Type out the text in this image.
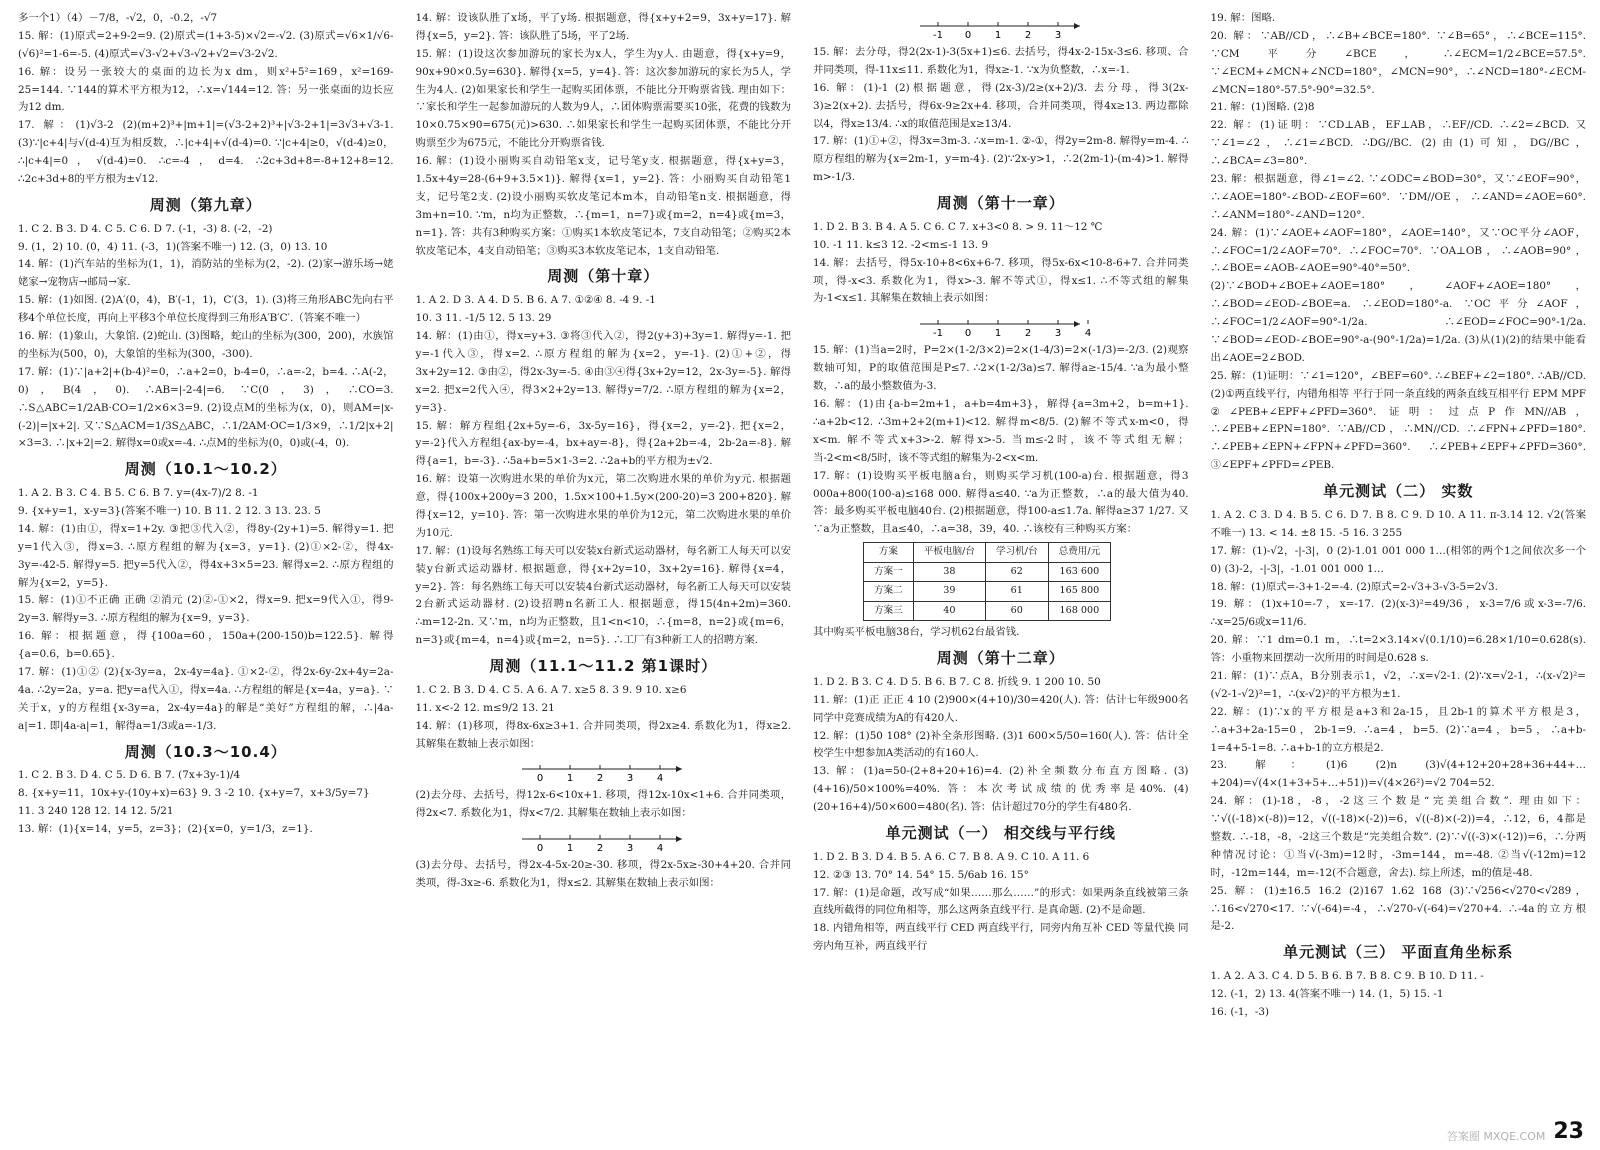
多一个1）（4）－7/8，-√2，0，-0.2，-√7

15. 解：(1)原式=2+9-2=9. (2)原式=(1+3-5)×√2=-√2. (3)原式=√6×1/√6-(√6)²=1-6=-5. (4)原式=√3-√2+√3-√2+√2=√3-2√2.

16. 解：设另一张较大的桌面的边长为x dm，则x²+5²=169，x²=169-25=144. ∵144的算术平方根为12，∴x=√144=12. 答：另一张桌面的边长应为12 dm.

17. 解：(1)√3-2 (2)(m+2)³+|m+1|=(√3-2+2)³+|√3-2+1|=3√3+√3-1. (3)∵|c+4|与√(d-4)互为相反数，∴|c+4|+√(d-4)=0. ∵|c+4|≥0，√(d-4)≥0，∴|c+4|=0，√(d-4)=0. ∴c=-4，d=4. ∴2c+3d+8=-8+12+8=12. ∴2c+3d+8的平方根为±√12.

周测（第九章）

1. C 2. B 3. D 4. C 5. C 6. D 7. (-1，-3) 8. (-2，-2)

9. (1，2) 10. (0，4) 11. (-3，1)(答案不唯一) 12. (3，0) 13. 10

14. 解：(1)汽车站的坐标为(1，1)，消防站的坐标为(2，-2). (2)家→游乐场→姥姥家→宠物店→邮局→家.

15. 解：(1)如图. (2)A′(0，4)，B′(-1，1)，C′(3，1). (3)将三角形ABC先向右平移4个单位长度，再向上平移3个单位长度得到三角形A′B′C′.（答案不唯一）

16. 解：(1)象山，大象馆. (2)蛇山. (3)图略，蛇山的坐标为(300，200)，水族馆的坐标为(500，0)，大象馆的坐标为(300，-300).

17. 解：(1)∵|a+2|+(b-4)²=0，∴a+2=0，b-4=0，∴a=-2，b=4. ∴A(-2，0)，B(4，0). ∴AB=|-2-4|=6. ∵C(0，3)，∴CO=3. ∴S△ABC=1/2AB·CO=1/2×6×3=9. (2)设点M的坐标为(x，0)，则AM=|x-(-2)|=|x+2|. 又∵S△ACM=1/3S△ABC，∴1/2AM·OC=1/3×9，∴1/2|x+2|×3=3. ∴|x+2|=2. 解得x=0或x=-4. ∴点M的坐标为(0，0)或(-4，0).

周测（10.1～10.2）

1. A 2. B 3. C 4. B 5. C 6. B 7. y=(4x-7)/2 8. -1

9. {x+y=1，x-y=3}(答案不唯一) 10. B 11. 2 12. 3 13. 23. 5

14. 解：(1)由①，得x=1+2y. ③把③代入②，得8y-(2y+1)=5. 解得y=1. 把y=1代入③，得x=3. ∴原方程组的解为{x=3，y=1}. (2)①×2-②，得4x-3y=-42-5. 解得y=5. 把y=5代入②，得4x+3×5=23. 解得x=2. ∴原方程组的解为{x=2，y=5}.

15. 解：(1)①不正确 正确 ②消元 (2)②-①×2，得x=9. 把x=9代入①，得9-2y=3. 解得y=3. ∴原方程组的解为{x=9，y=3}.

16. 解：根据题意，得{100a=60，150a+(200-150)b=122.5}. 解得{a=0.6，b=0.65}.

17. 解：(1)①② (2){x-3y=a，2x-4y=4a}. ①×2-②，得2x-6y-2x+4y=2a-4a. ∴2y=2a，y=a. 把y=a代入①，得x=4a. ∴方程组的解是{x=4a，y=a}. ∵关于x，y的方程组{x-3y=a，2x-4y=4a}的解是“美好”方程组的解，∴|4a-a|=1. 即|4a-a|=1，解得a=1/3或a=-1/3.

周测（10.3～10.4）

1. C 2. B 3. D 4. C 5. D 6. B 7. (7x+3y-1)/4

8. {x+y=11，10x+y-(10y+x)=63} 9. 3 -2 10. {x+y=7，x+3/5y=7}

11. 3 240 128 12. 14 12. 5/21

13. 解：(1){x=14，y=5，z=3}；(2){x=0，y=1/3，z=1}.

14. 解：设该队胜了x场，平了y场. 根据题意，得{x+y+2=9，3x+y=17}. 解得{x=5，y=2}. 答：该队胜了5场，平了2场.

15. 解：(1)设这次参加游玩的家长为x人，学生为y人. 由题意，得{x+y=9，90x+90×0.5y=630}. 解得{x=5，y=4}. 答：这次参加游玩的家长为5人，学生为4人. (2)如果家长和学生一起购买团体票，不能比分开购票省钱. 理由如下：∵家长和学生一起参加游玩的人数为9人，∴团体购票需要买10张，花费的钱数为10×0.75×90=675(元)>630. ∴如果家长和学生一起购买团体票，不能比分开购票至少为675元，不能比分开购票省钱.

16. 解：(1)设小丽购买自动铅笔x支，记号笔y支. 根据题意，得{x+y=3，1.5x+4y=28-(6+9+3.5×1)}. 解得{x=1，y=2}. 答：小丽购买自动铅笔1支，记号笔2支. (2)设小丽购买软皮笔记本m本，自动铅笔n支. 根据题意，得3m+n=10. ∵m，n均为正整数，∴{m=1，n=7}或{m=2，n=4}或{m=3，n=1}. 答：共有3种购买方案：①购买1本软皮笔记本，7支自动铅笔；②购买2本软皮笔记本，4支自动铅笔；③购买3本软皮笔记本，1支自动铅笔.

周测（第十章）

1. A 2. D 3. A 4. D 5. B 6. A 7. ①②④ 8. -4 9. -1

10. 3 11. -1/5 12. 5 13. 29

14. 解：(1)由①，得x=y+3. ③将③代入②，得2(y+3)+3y=1. 解得y=-1. 把y=-1代入③，得x=2. ∴原方程组的解为{x=2，y=-1}. (2)①+②，得3x+2y=12. ③由②，得2x-3y=-5. ④由③④得{3x+2y=12，2x-3y=-5}. 解得x=2. 把x=2代入④，得3×2+2y=13. 解得y=7/2. ∴原方程组的解为{x=2，y=3}.

15. 解：解方程组{2x+5y=-6，3x-5y=16}，得{x=2，y=-2}. 把{x=2，y=-2}代入方程组{ax-by=-4，bx+ay=-8}，得{2a+2b=-4，2b-2a=-8}. 解得{a=1，b=-3}. ∴5a+b=5×1-3=2. ∴2a+b的平方根为±√2.

16. 解：设第一次购进水果的单价为x元，第二次购进水果的单价为y元. 根据题意，得{100x+200y=3 200，1.5x×100+1.5y×(200-20)=3 200+820}. 解得{x=12，y=10}. 答：第一次购进水果的单价为12元，第二次购进水果的单价为10元.

17. 解：(1)设每名熟练工每天可以安装x台新式运动器材，每名新工人每天可以安装y台新式运动器材. 根据题意，得{x+2y=10，3x+2y=16}. 解得{x=4，y=2}. 答：每名熟练工每天可以安装4台新式运动器材，每名新工人每天可以安装2台新式运动器材. (2)设招聘n名新工人. 根据题意，得15(4n+2m)=360. ∴m=12-2n. 又∵m，n均为正整数，且1<n<10，∴{m=8，n=2}或{m=6，n=3}或{m=4，n=4}或{m=2，n=5}. ∴工厂有3种新工人的招聘方案.

周测（11.1～11.2 第1课时）

1. C 2. B 3. D 4. C 5. A 6. A 7. x≥5 8. 3 9. 9 10. x≥6

11. x<-2 12. m≤9/2 13. 21

14. 解：(1)移项，得8x-6x≥3+1. 合并同类项，得2x≥4. 系数化为1，得x≥2. 其解集在数轴上表示如图：

0 1 2 3 4

(2)去分母、去括号，得12x-6<10x+1. 移项，得12x-10x<1+6. 合并同类项，得2x<7. 系数化为1，得x<7/2. 其解集在数轴上表示如图：

0 1 2 3 4

(3)去分母、去括号，得2x-4-5x-20≥-30. 移项，得2x-5x≥-30+4+20. 合并同类项，得-3x≥-6. 系数化为1，得x≤2. 其解集在数轴上表示如图：

-1 0 1 2 3

15. 解：去分母，得2(2x-1)-3(5x+1)≤6. 去括号，得4x-2-15x-3≤6. 移项、合并同类项，得-11x≤11. 系数化为1，得x≥-1. ∵x为负整数，∴x=-1.

16. 解：(1)-1 (2)根据题意，得(2x-3)/2≥(x+2)/3. 去分母，得3(2x-3)≥2(x+2). 去括号，得6x-9≥2x+4. 移项，合并同类项，得4x≥13. 两边都除以4，得x≥13/4. ∴x的取值范围是x≥13/4.

17. 解：(1)①+②，得3x=3m-3. ∴x=m-1. ②-①，得2y=2m-8. 解得y=m-4. ∴原方程组的解为{x=2m-1，y=m-4}. (2)∵2x-y>1，∴2(2m-1)-(m-4)>1. 解得m>-1/3.

周测（第十一章）

1. D 2. B 3. B 4. A 5. C 6. C 7. x+3<0 8. > 9. 11～12 ℃

10. -1 11. k≤3 12. -2<m≤-1 13. 9

14. 解：去括号，得5x-10+8<6x+6-7. 移项，得5x-6x<10-8-6+7. 合并同类项，得-x<3. 系数化为1，得x>-3. 解不等式①，得x≤1. ∴不等式组的解集为-1<x≤1. 其解集在数轴上表示如图：

-1 0 1 2 3 4

15. 解：(1)当a=2时，P=2×(1-2/3×2)=2×(1-4/3)=2×(-1/3)=-2/3. (2)观察数轴可知，P的取值范围是P≤7. ∴2×(1-2/3a)≤7. 解得a≥-15/4. ∵a为最小整数，∴a的最小整数值为-3.

16. 解：(1)由{a-b=2m+1，a+b=4m+3}，解得{a=3m+2，b=m+1}. ∴a+2b<12. ∴3m+2+2(m+1)<12. 解得m<8/5. (2)解不等式x-m<0，得x<m. 解不等式x+3>-2. 解得x>-5. 当m≤-2时，该不等式组无解；当-2<m<8/5时，该不等式组的解集为-2<x<m.

17. 解：(1)设购买平板电脑a台，则购买学习机(100-a)台. 根据题意，得3 000a+800(100-a)≤168 000. 解得a≤40. ∵a为正整数，∴a的最大值为40. 答：最多购买平板电脑40台. (2)根据题意，得100-a≤1.7a. 解得a≥37 1/27. 又∵a为正整数，且a≤40，∴a=38，39，40. ∴该校有三种购买方案：

方案	平板电脑/台	学习机/台	总费用/元
方案一	38	62	163 600
方案二	39	61	165 800
方案三	40	60	168 000

其中购买平板电脑38台，学习机62台最省钱.

周测（第十二章）

1. D 2. B 3. C 4. D 5. B 6. B 7. C 8. 折线 9. 1 200 10. 50

11. 解：(1)正 正正 4 10 (2)900×(4+10)/30=420(人). 答：估计七年级900名同学中竞赛成绩为A的有420人.

12. 解：(1)50 108° (2)补全条形图略. (3)1 600×5/50=160(人). 答：估计全校学生中想参加A类活动的有160人.

13. 解：(1)a=50-(2+8+20+16)=4. (2)补全频数分布直方图略. (3)(4+16)/50×100%=40%. 答：本次考试成绩的优秀率是40%. (4)(20+16+4)/50×600=480(名). 答：估计超过70分的学生有480名.

单元测试（一） 相交线与平行线

1. D 2. B 3. D 4. B 5. A 6. C 7. B 8. A 9. C 10. A 11. 6

12. ②③ 13. 70° 14. 54° 15. 5/6ab 16. 15°

17. 解：(1)是命题，改写成“如果……那么……”的形式：如果两条直线被第三条直线所截得的同位角相等，那么这两条直线平行. 是真命题. (2)不是命题.

18. 内错角相等，两直线平行 CED 两直线平行，同旁内角互补 CED 等量代换 同旁内角互补，两直线平行

19. 解：图略.

20. 解：∵AB//CD，∴∠B+∠BCE=180°. ∵∠B=65°，∴∠BCE=115°. ∵CM平分∠BCE，∴∠ECM=1/2∠BCE=57.5°. ∵∠ECM+∠MCN+∠NCD=180°，∠MCN=90°，∴∠NCD=180°-∠ECM-∠MCN=180°-57.5°-90°=32.5°.

21. 解：(1)图略. (2)8

22. 解：(1)证明：∵CD⊥AB，EF⊥AB，∴EF//CD. ∴∠2=∠BCD. 又∵∠1=∠2，∴∠1=∠BCD. ∴DG//BC. (2)由(1)可知，DG//BC，∴∠BCA=∠3=80°.

23. 解：根据题意，得∠1=∠2. ∵∠ODC=∠BOD=30°，又∵∠EOF=90°，∴∠AOE=180°-∠BOD-∠EOF=60°. ∵DM//OE，∴∠AND=∠AOE=60°. ∴∠ANM=180°-∠AND=120°.

24. 解：(1)∵∠AOE+∠AOF=180°，∠AOE=140°，又∵OC平分∠AOF，∴∠FOC=1/2∠AOF=70°. ∴∠FOC=70°. ∵OA⊥OB，∴∠AOB=90°，∴∠BOE=∠AOB-∠AOE=90°-40°=50°. (2)∵∠BOD+∠BOE+∠AOE=180°，∠AOF+∠AOE=180°，∴∠BOD=∠EOD-∠BOE=a. ∴∠EOD=180°-a. ∵OC平分∠AOF，∴∠FOC=1/2∠AOF=90°-1/2a. ∴∠EOD=∠FOC=90°-1/2a. ∵∠BOD=∠EOD-∠BOE=90°-a-(90°-1/2a)=1/2a. (3)从(1)(2)的结果中能看出∠AOE=2∠BOD.

25. 解：(1)证明：∵∠1=120°，∠BEF=60°. ∴∠BEF+∠2=180°. ∴AB//CD. (2)①两直线平行，内错角相等 平行于同一条直线的两条直线互相平行 EPM MPF ②∠PEB+∠EPF+∠PFD=360°. 证明：过点P作MN//AB，∴∠PEB+∠EPN=180°. ∵AB//CD，∴MN//CD. ∴∠FPN+∠PFD=180°. ∴∠PEB+∠EPN+∠FPN+∠PFD=360°. ∴∠PEB+∠EPF+∠PFD=360°. ③∠EPF+∠PFD=∠PEB.

单元测试（二） 实数

1. A 2. C 3. D 4. B 5. C 6. D 7. B 8. C 9. D 10. A 11. π-3.14 12. √2(答案不唯一) 13. < 14. ±8 15. -5 16. 3 255

17. 解：(1)-√2，-|-3|，0 (2)-1.01 001 000 1…(相邻的两个1之间依次多一个0) (3)-2，-|-3|，-1.01 001 000 1…

18. 解：(1)原式=-3+1-2=-4. (2)原式=2-√3+3-√3-5=2√3.

19. 解：(1)x+10=-7，x=-17. (2)(x-3)²=49/36，x-3=7/6或x-3=-7/6. ∴x=25/6或x=11/6.

20. 解：∵1 dm=0.1 m，∴t=2×3.14×√(0.1/10)=6.28×1/10=0.628(s). 答：小重物来回摆动一次所用的时间是0.628 s.

21. 解：(1)∵点A，B分别表示1，√2，∴x=√2-1. (2)∵x=√2-1，∴(x-√2)²=(√2-1-√2)²=1，∴(x-√2)²的平方根为±1.

22. 解：(1)∵x的平方根是a+3和2a-15，且2b-1的算术平方根是3，∴a+3+2a-15=0，2b-1=9. ∴a=4，b=5. (2)∵a=4，b=5，∴a+b-1=4+5-1=8. ∴a+b-1的立方根是2.

23. 解：(1)6 (2)n (3)√(4+12+20+28+36+44+…+204)=√(4×(1+3+5+…+51))=√(4×26²)=√2 704=52.

24. 解：(1)-18，-8，-2这三个数是“完美组合数”. 理由如下：∵√((-18)×(-8))=12，√((-18)×(-2))=6，√((-8)×(-2))=4，∴12，6，4都是整数. ∴-18，-8，-2这三个数是“完美组合数”. (2)∵√((-3)×(-12))=6，∴分两种情况讨论：①当√(-3m)=12时，-3m=144，m=-48. ②当√(-12m)=12时，-12m=144，m=-12(不合题意，舍去). 综上所述，m的值是-48.

25. 解：(1)±16.5 16.2 (2)167 1.62 168 (3)∵√256<√270<√289，∴16<√270<17. ∵√(-64)=-4，∴√270-√(-64)=√270+4. ∴-4a的立方根是-2.

单元测试（三） 平面直角坐标系

1. A 2. A 3. C 4. D 5. B 6. B 7. B 8. C 9. B 10. D 11. -

12. (-1，2) 13. 4(答案不唯一) 14. (1，5) 15. -1

16. (-1，-3)

答案圈 MXQE.COM 23
